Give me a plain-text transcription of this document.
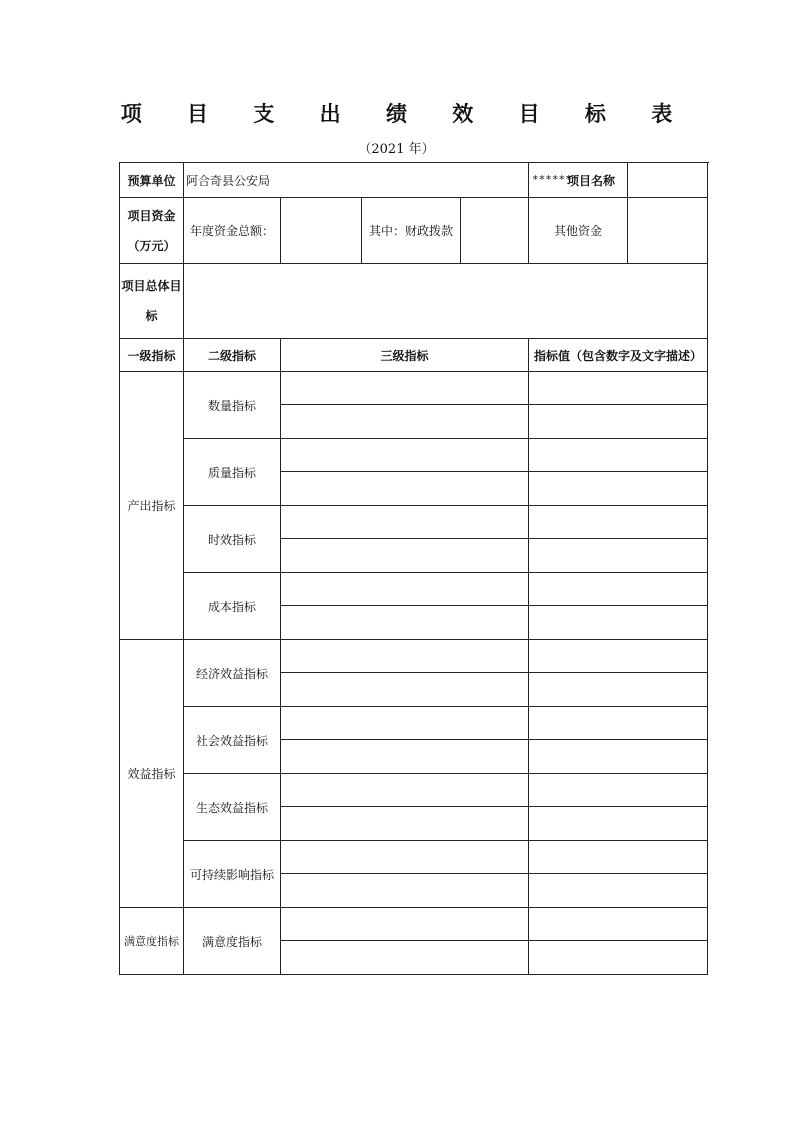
项 目 支 出 绩 效 目 标 表
（2021 年）
预算单位	阿合奇县公安局				项目名称	

项目资金
（万元）	年度资金总额：		其中：财政拨款		其他资金	

项目总体目
标						

一级指标	二级指标	三级指标			指标值（包含数字及文字描述）	
产出指标	数量指标					

	质量指标					

	时效指标					

	成本指标					

效益指标	经济效益指标					

	社会效益指标					

	生态效益指标					

	可持续影响指标					

满意度指标	满意度指标					

******
